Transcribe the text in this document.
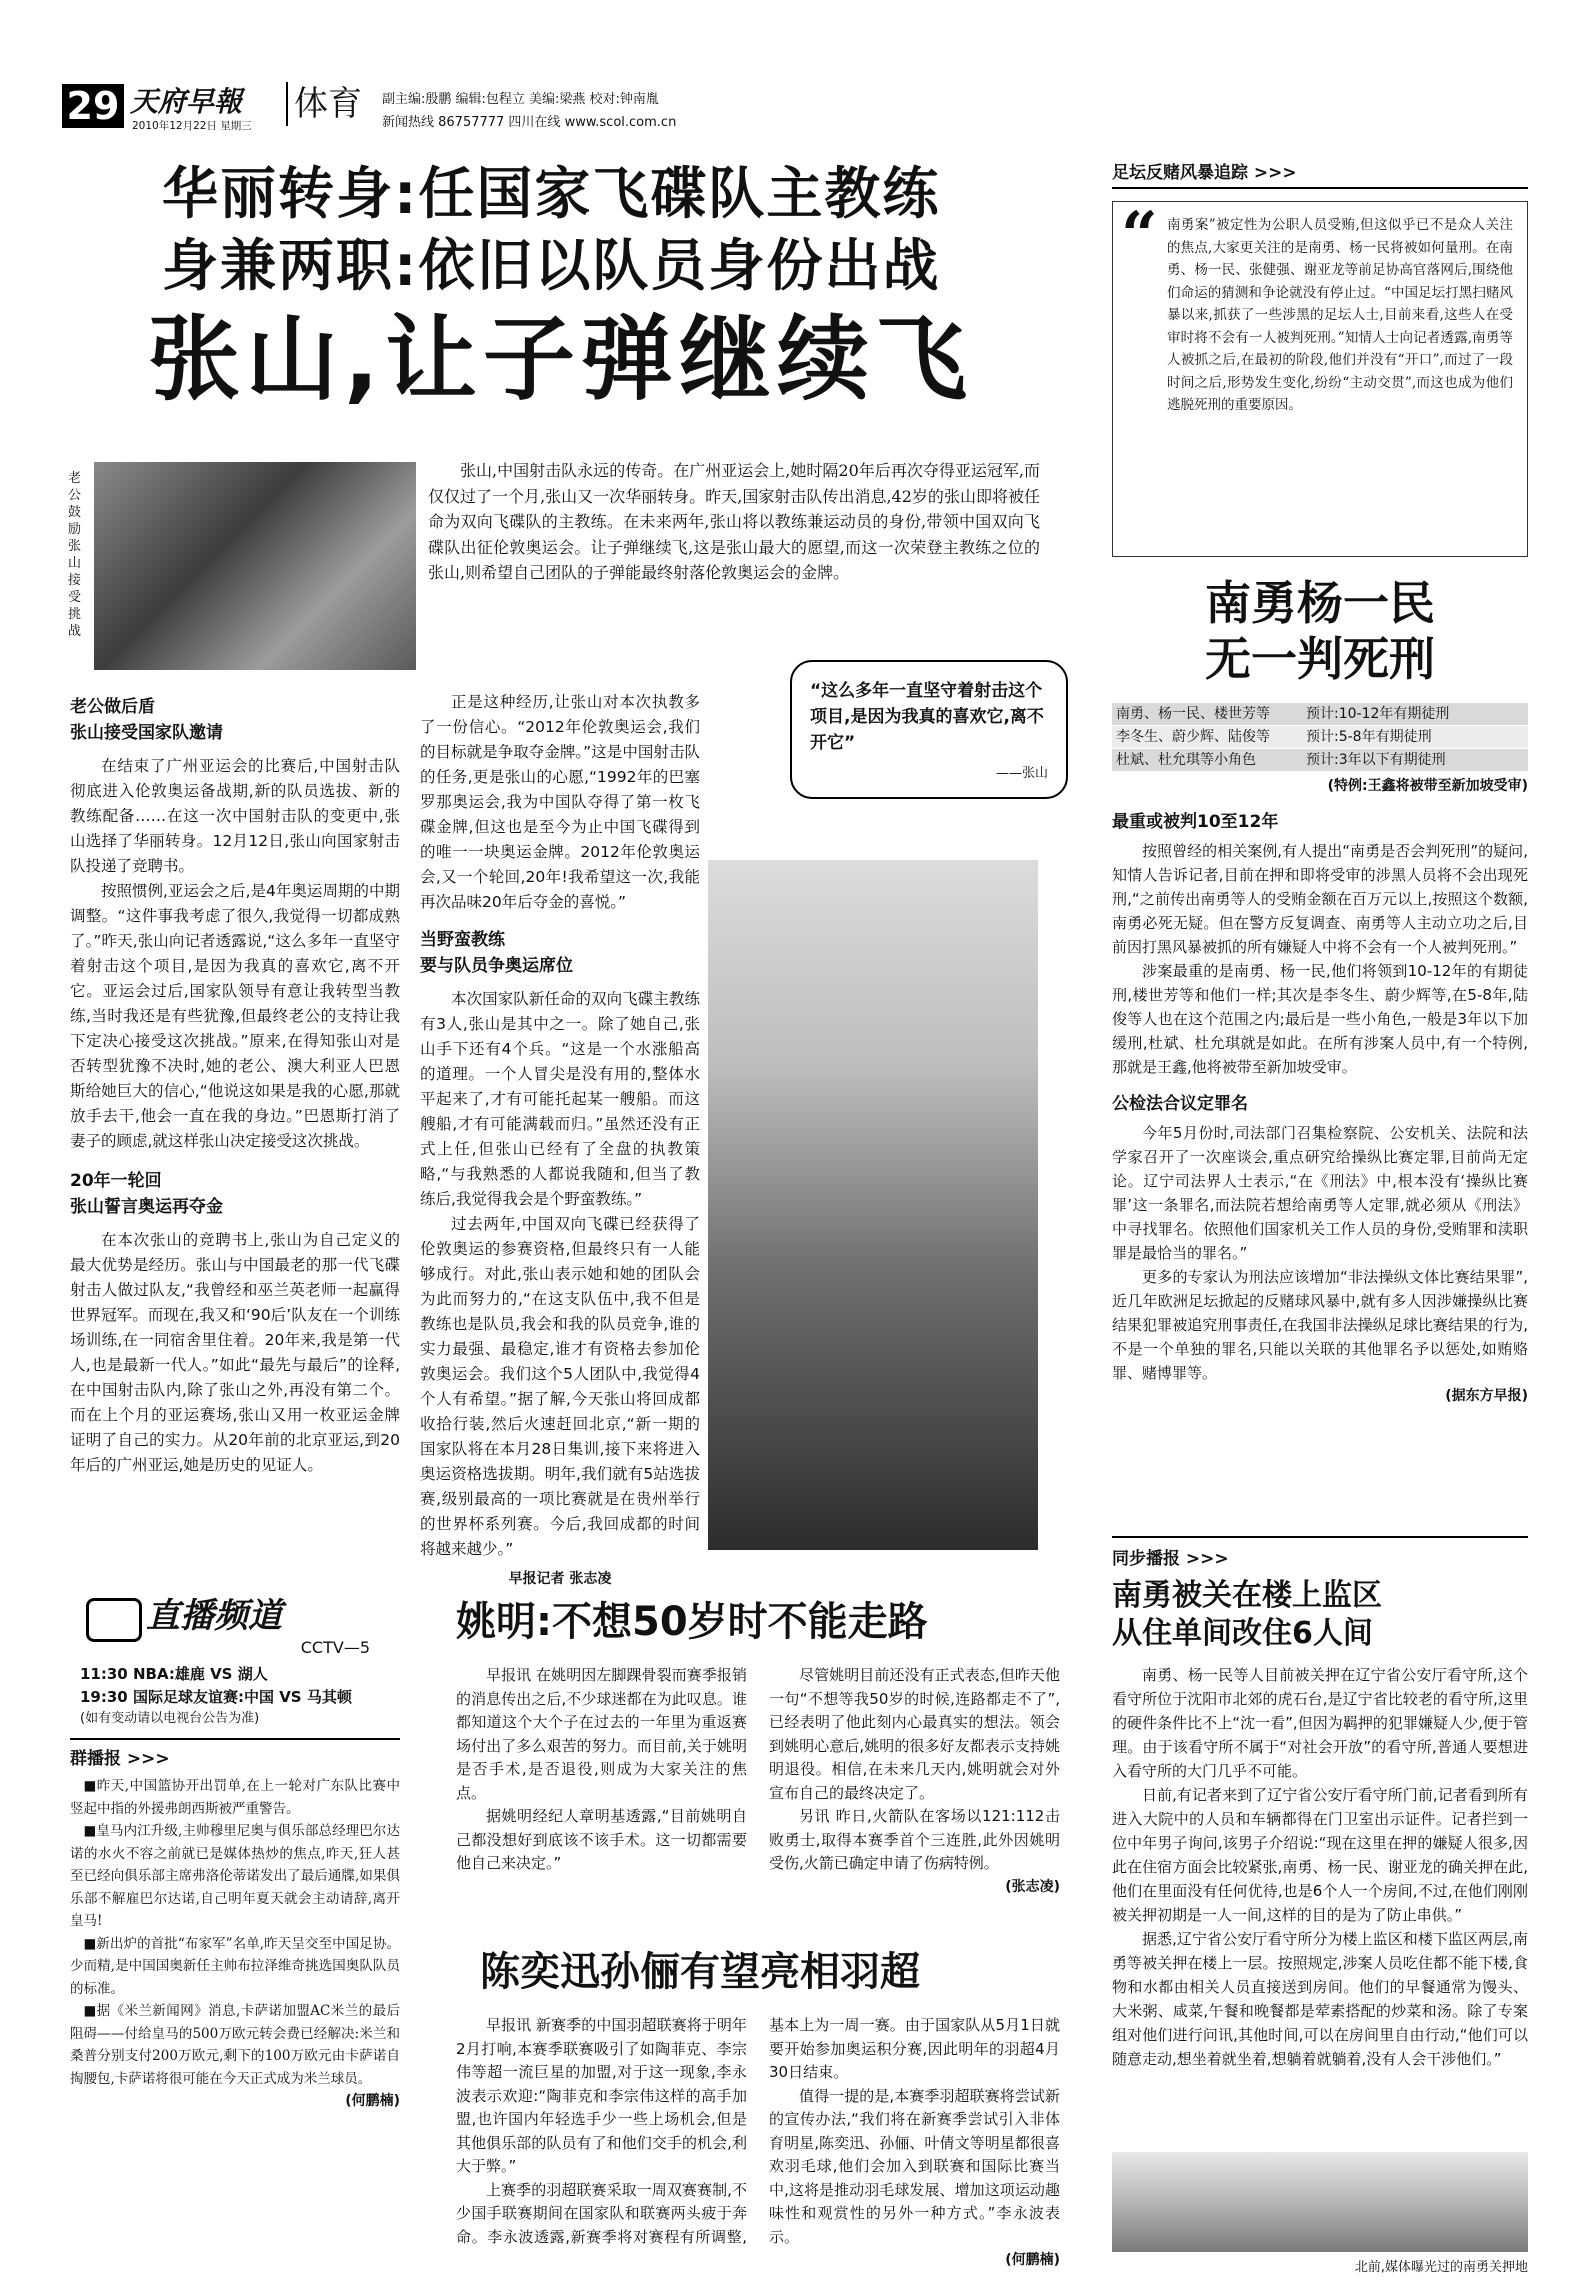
29 天府早報
2010年12月22日 星期三
体育	副主编:殷鹏 编辑:包程立 美编:梁燕 校对:钟南胤
新闻热线 86757777 四川在线 www.scol.com.cn
华丽转身:任国家飞碟队主教练
身兼两职:依旧以队员身份出战
张山,让子弹继续飞
老公鼓励张山接受挑战

张山,中国射击队永远的传奇。在广州亚运会上,她时隔20年后再次夺得亚运冠军,而仅仅过了一个月,张山又一次华丽转身。昨天,国家射击队传出消息,42岁的张山即将被任命为双向飞碟队的主教练。在未来两年,张山将以教练兼运动员的身份,带领中国双向飞碟队出征伦敦奥运会。让子弹继续飞,这是张山最大的愿望,而这一次荣登主教练之位的张山,则希望自己团队的子弹能最终射落伦敦奥运会的金牌。

老公做后盾
张山接受国家队邀请

在结束了广州亚运会的比赛后,中国射击队彻底进入伦敦奥运备战期,新的队员选拔、新的教练配备……在这一次中国射击队的变更中,张山选择了华丽转身。12月12日,张山向国家射击队投递了竞聘书。

按照惯例,亚运会之后,是4年奥运周期的中期调整。“这件事我考虑了很久,我觉得一切都成熟了。”昨天,张山向记者透露说,“这么多年一直坚守着射击这个项目,是因为我真的喜欢它,离不开它。亚运会过后,国家队领导有意让我转型当教练,当时我还是有些犹豫,但最终老公的支持让我下定决心接受这次挑战。”原来,在得知张山对是否转型犹豫不决时,她的老公、澳大利亚人巴恩斯给她巨大的信心,“他说这如果是我的心愿,那就放手去干,他会一直在我的身边。”巴恩斯打消了妻子的顾虑,就这样张山决定接受这次挑战。

20年一轮回
张山誓言奥运再夺金

在本次张山的竞聘书上,张山为自己定义的最大优势是经历。张山与中国最老的那一代飞碟射击人做过队友,“我曾经和巫兰英老师一起赢得世界冠军。而现在,我又和‘90后’队友在一个训练场训练,在一同宿舍里住着。20年来,我是第一代人,也是最新一代人。”如此“最先与最后”的诠释,在中国射击队内,除了张山之外,再没有第二个。而在上个月的亚运赛场,张山又用一枚亚运金牌证明了自己的实力。从20年前的北京亚运,到20年后的广州亚运,她是历史的见证人。

正是这种经历,让张山对本次执教多了一份信心。“2012年伦敦奥运会,我们的目标就是争取夺金牌。”这是中国射击队的任务,更是张山的心愿,“1992年的巴塞罗那奥运会,我为中国队夺得了第一枚飞碟金牌,但这也是至今为止中国飞碟得到的唯一一块奥运金牌。2012年伦敦奥运会,又一个轮回,20年!我希望这一次,我能再次品味20年后夺金的喜悦。”

当野蛮教练
要与队员争奥运席位

本次国家队新任命的双向飞碟主教练有3人,张山是其中之一。除了她自己,张山手下还有4个兵。“这是一个水涨船高的道理。一个人冒尖是没有用的,整体水平起来了,才有可能托起某一艘船。而这艘船,才有可能满载而归。”虽然还没有正式上任,但张山已经有了全盘的执教策略,“与我熟悉的人都说我随和,但当了教练后,我觉得我会是个野蛮教练。”

过去两年,中国双向飞碟已经获得了伦敦奥运的参赛资格,但最终只有一人能够成行。对此,张山表示她和她的团队会为此而努力的,“在这支队伍中,我不但是教练也是队员,我会和我的队员竞争,谁的实力最强、最稳定,谁才有资格去参加伦敦奥运会。我们这个5人团队中,我觉得4个人有希望。”据了解,今天张山将回成都收拾行装,然后火速赶回北京,“新一期的国家队将在本月28日集训,接下来将进入奥运资格选拔期。明年,我们就有5站选拔赛,级别最高的一项比赛就是在贵州举行的世界杯系列赛。今后,我回成都的时间将越来越少。”

早报记者 张志凌
“这么多年一直坚守着射击这个项目,是因为我真的喜欢它,离不开它”
——张山
足坛反赌风暴追踪 >>>
“ 南勇案”被定性为公职人员受贿,但这似乎已不是众人关注的焦点,大家更关注的是南勇、杨一民将被如何量刑。在南勇、杨一民、张健强、谢亚龙等前足协高官落网后,围绕他们命运的猜测和争论就没有停止过。“中国足坛打黑扫赌风暴以来,抓获了一些涉黑的足坛人士,目前来看,这些人在受审时将不会有一人被判死刑。”知情人士向记者透露,南勇等人被抓之后,在最初的阶段,他们并没有“开口”,而过了一段时间之后,形势发生变化,纷纷“主动交贯”,而这也成为他们逃脱死刑的重要原因。
南勇杨一民
无一判死刑
南勇、杨一民、楼世芳等	预计:10-12年有期徒刑
李冬生、蔚少辉、陆俊等	预计:5-8年有期徒刑
杜斌、杜允琪等小角色	预计:3年以下有期徒刑
(特例:王鑫将被带至新加坡受审)
最重或被判10至12年

按照曾经的相关案例,有人提出“南勇是否会判死刑”的疑问,知情人告诉记者,目前在押和即将受审的涉黑人员将不会出现死刑,“之前传出南勇等人的受贿金额在百万元以上,按照这个数额,南勇必死无疑。但在警方反复调查、南勇等人主动立功之后,目前因打黑风暴被抓的所有嫌疑人中将不会有一个人被判死刑。”

涉案最重的是南勇、杨一民,他们将领到10-12年的有期徒刑,楼世芳等和他们一样;其次是李冬生、蔚少辉等,在5-8年,陆俊等人也在这个范围之内;最后是一些小角色,一般是3年以下加缓刑,杜斌、杜允琪就是如此。在所有涉案人员中,有一个特例,那就是王鑫,他将被带至新加坡受审。

公检法合议定罪名

今年5月份时,司法部门召集检察院、公安机关、法院和法学家召开了一次座谈会,重点研究给操纵比赛定罪,目前尚无定论。辽宁司法界人士表示,“在《刑法》中,根本没有‘操纵比赛罪’这一条罪名,而法院若想给南勇等人定罪,就必须从《刑法》中寻找罪名。依照他们国家机关工作人员的身份,受贿罪和渎职罪是最恰当的罪名。”

更多的专家认为刑法应该增加“非法操纵文体比赛结果罪”,近几年欧洲足坛掀起的反赌球风暴中,就有多人因涉嫌操纵比赛结果犯罪被追究刑事责任,在我国非法操纵足球比赛结果的行为,不是一个单独的罪名,只能以关联的其他罪名予以惩处,如贿赂罪、赌博罪等。

(据东方早报)
同步播报 >>>
南勇被关在楼上监区
从住单间改住6人间

南勇、杨一民等人目前被关押在辽宁省公安厅看守所,这个看守所位于沈阳市北郊的虎石台,是辽宁省比较老的看守所,这里的硬件条件比不上“沈一看”,但因为羁押的犯罪嫌疑人少,便于管理。由于该看守所不属于“对社会开放”的看守所,普通人要想进入看守所的大门几乎不可能。

日前,有记者来到了辽宁省公安厅看守所门前,记者看到所有进入大院中的人员和车辆都得在门卫室出示证件。记者拦到一位中年男子询问,该男子介绍说:“现在这里在押的嫌疑人很多,因此在住宿方面会比较紧张,南勇、杨一民、谢亚龙的确关押在此,他们在里面没有任何优待,也是6个人一个房间,不过,在他们刚刚被关押初期是一人一间,这样的目的是为了防止串供。”

据悉,辽宁省公安厅看守所分为楼上监区和楼下监区两层,南勇等被关押在楼上一层。按照规定,涉案人员吃住都不能下楼,食物和水都由相关人员直接送到房间。他们的早餐通常为馒头、大米粥、咸菜,午餐和晚餐都是荤素搭配的炒菜和汤。除了专案组对他们进行问讯,其他时间,可以在房间里自由行动,“他们可以随意走动,想坐着就坐着,想躺着就躺着,没有人会干涉他们。”

北前,媒体曝光过的南勇关押地
直播频道
CCTV—5
11:30 NBA:雄鹿 VS 湖人
19:30 国际足球友谊赛:中国 VS 马其顿
(如有变动请以电视台公告为准)
群播报 >>>
■昨天,中国篮协开出罚单,在上一轮对广东队比赛中竖起中指的外援弗朗西斯被严重警告。
■皇马内江升级,主帅穆里尼奥与俱乐部总经理巴尔达诺的水火不容之前就已是媒体热炒的焦点,昨天,狂人甚至已经向俱乐部主席弗洛伦蒂诺发出了最后通牒,如果俱乐部不解雇巴尔达诺,自己明年夏天就会主动请辞,离开皇马!
■新出炉的首批“布家军”名单,昨天呈交至中国足协。少而精,是中国国奥新任主帅布拉泽维奇挑选国奥队队员的标准。
■据《米兰新闻网》消息,卡萨诺加盟AC米兰的最后阻碍——付给皇马的500万欧元转会费已经解决:米兰和桑普分别支付200万欧元,剩下的100万欧元由卡萨诺自掏腰包,卡萨诺将很可能在今天正式成为米兰球员。
(何鹏楠)
姚明:不想50岁时不能走路

早报讯 在姚明因左脚踝骨裂而赛季报销的消息传出之后,不少球迷都在为此叹息。谁都知道这个大个子在过去的一年里为重返赛场付出了多么艰苦的努力。而目前,关于姚明是否手术,是否退役,则成为大家关注的焦点。

据姚明经纪人章明基透露,“目前姚明自己都没想好到底该不该手术。这一切都需要他自己来决定。”

尽管姚明目前还没有正式表态,但昨天他一句“不想等我50岁的时候,连路都走不了”,已经表明了他此刻内心最真实的想法。领会到姚明心意后,姚明的很多好友都表示支持姚明退役。相信,在未来几天内,姚明就会对外宣布自己的最终决定了。

另讯 昨日,火箭队在客场以121:112击败勇士,取得本赛季首个三连胜,此外因姚明受伤,火箭已确定申请了伤病特例。

(张志凌)
陈奕迅孙俪有望亮相羽超

早报讯 新赛季的中国羽超联赛将于明年2月打响,本赛季联赛吸引了如陶菲克、李宗伟等超一流巨星的加盟,对于这一现象,李永波表示欢迎:“陶菲克和李宗伟这样的高手加盟,也许国内年轻选手少一些上场机会,但是其他俱乐部的队员有了和他们交手的机会,利大于弊。”

上赛季的羽超联赛采取一周双赛赛制,不少国手联赛期间在国家队和联赛两头疲于奔命。李永波透露,新赛季将对赛程有所调整,基本上为一周一赛。由于国家队从5月1日就要开始参加奥运积分赛,因此明年的羽超4月30日结束。

值得一提的是,本赛季羽超联赛将尝试新的宣传办法,“我们将在新赛季尝试引入非体育明星,陈奕迅、孙俪、叶倩文等明星都很喜欢羽毛球,他们会加入到联赛和国际比赛当中,这将是推动羽毛球发展、增加这项运动趣味性和观赏性的另外一种方式。”李永波表示。

(何鹏楠)
